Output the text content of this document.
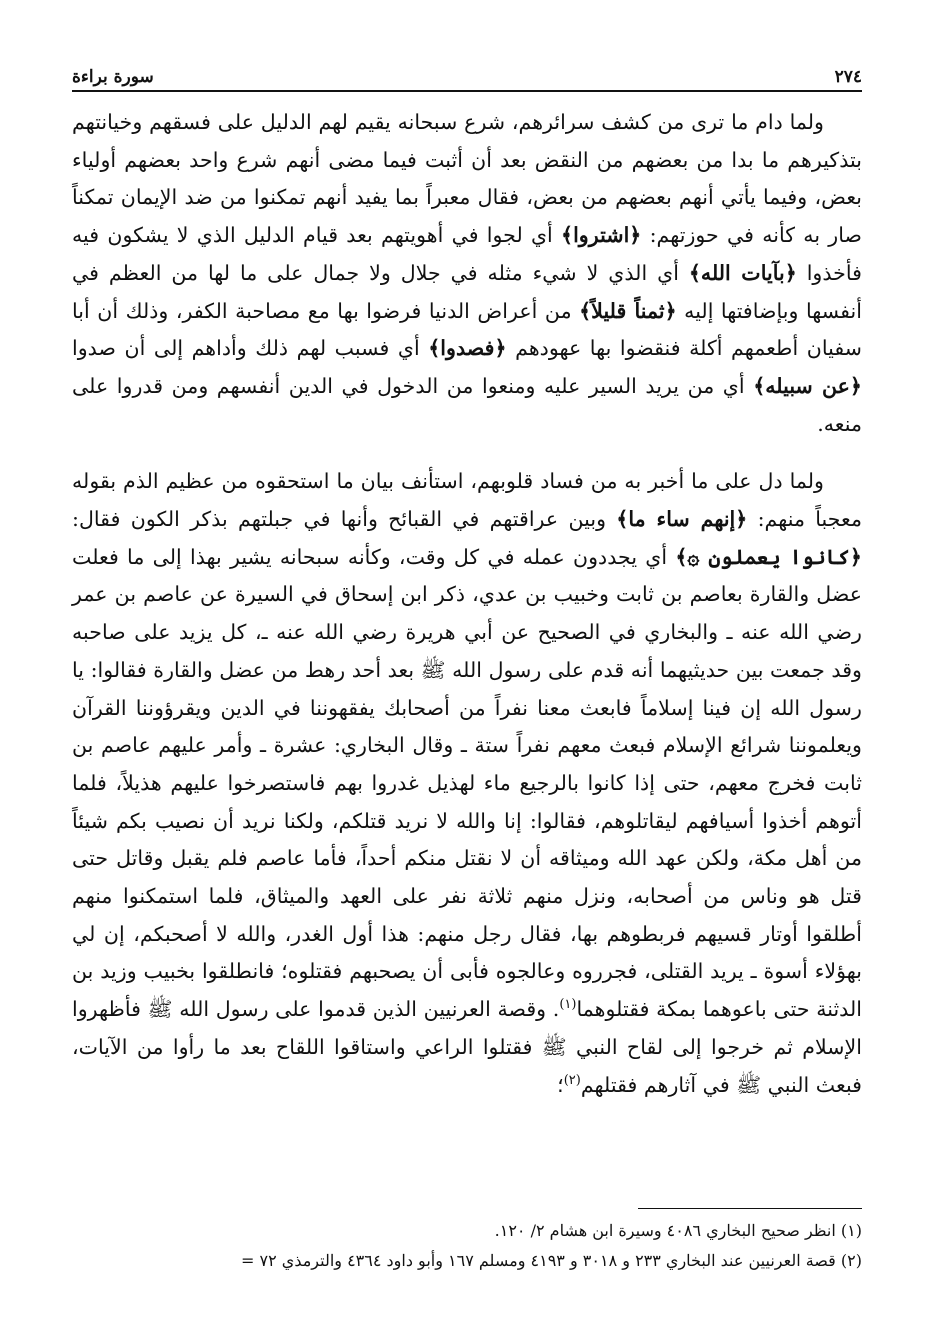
٢٧٤
سورة براءة

ولما دام ما ترى من كشف سرائرهم، شرع سبحانه يقيم لهم الدليل على فسقهم وخيانتهم بتذكيرهم ما بدا من بعضهم من النقض بعد أن أثبت فيما مضى أنهم شرع واحد بعضهم أولياء بعض، وفيما يأتي أنهم بعضهم من بعض، فقال معبراً بما يفيد أنهم تمكنوا من ضد الإيمان تمكناً صار به كأنه في حوزتهم: ﴿اشتروا﴾ أي لجوا في أهويتهم بعد قيام الدليل الذي لا يشكون فيه فأخذوا ﴿بآيات الله﴾ أي الذي لا شيء مثله في جلال ولا جمال على ما لها من العظم في أنفسها وبإضافتها إليه ﴿ثمناً قليلاً﴾ من أعراض الدنيا فرضوا بها مع مصاحبة الكفر، وذلك أن أبا سفيان أطعمهم أكلة فنقضوا بها عهودهم ﴿فصدوا﴾ أي فسبب لهم ذلك وأداهم إلى أن صدوا ﴿عن سبيله﴾ أي من يريد السير عليه ومنعوا من الدخول في الدين أنفسهم ومن قدروا على منعه.

ولما دل على ما أخبر به من فساد قلوبهم، استأنف بيان ما استحقوه من عظيم الذم بقوله معجباً منهم: ﴿إنهم ساء ما﴾ وبين عراقتهم في القبائح وأنها في جبلتهم بذكر الكون فقال: ﴿كانوا يعملون ۞﴾ أي يجددون عمله في كل وقت، وكأنه سبحانه يشير بهذا إلى ما فعلت عضل والقارة بعاصم بن ثابت وخبيب بن عدي، ذكر ابن إسحاق في السيرة عن عاصم بن عمر رضي الله عنه ـ والبخاري في الصحيح عن أبي هريرة رضي الله عنه ـ، كل يزيد على صاحبه وقد جمعت بين حديثيهما أنه قدم على رسول الله ﷺ بعد أحد رهط من عضل والقارة فقالوا: يا رسول الله إن فينا إسلاماً فابعث معنا نفراً من أصحابك يفقهوننا في الدين ويقرؤوننا القرآن ويعلموننا شرائع الإسلام فبعث معهم نفراً ستة ـ وقال البخاري: عشرة ـ وأمر عليهم عاصم بن ثابت فخرج معهم، حتى إذا كانوا بالرجيع ماء لهذيل غدروا بهم فاستصرخوا عليهم هذيلاً، فلما أتوهم أخذوا أسيافهم ليقاتلوهم، فقالوا: إنا والله لا نريد قتلكم، ولكنا نريد أن نصيب بكم شيئاً من أهل مكة، ولكن عهد الله وميثاقه أن لا نقتل منكم أحداً، فأما عاصم فلم يقبل وقاتل حتى قتل هو وناس من أصحابه، ونزل منهم ثلاثة نفر على العهد والميثاق، فلما استمكنوا منهم أطلقوا أوتار قسيهم فربطوهم بها، فقال رجل منهم: هذا أول الغدر، والله لا أصحبكم، إن لي بهؤلاء أسوة ـ يريد القتلى، فجرروه وعالجوه فأبى أن يصحبهم فقتلوه؛ فانطلقوا بخبيب وزيد بن الدثنة حتى باعوهما بمكة فقتلوهما$^{(١)}$. وقصة العرنيين الذين قدموا على رسول الله ﷺ فأظهروا الإسلام ثم خرجوا إلى لقاح النبي ﷺ فقتلوا الراعي واستاقوا اللقاح بعد ما رأوا من الآيات، فبعث النبي ﷺ في آثارهم فقتلهم$^{(٢)}$؛

(١) انظر صحيح البخاري ٤٠٨٦ وسيرة ابن هشام ٢/ ١٢٠.
(٢) قصة العرنيين عند البخاري ٢٣٣ و ٣٠١٨ و ٤١٩٣ ومسلم ١٦٧ وأبو داود ٤٣٦٤ والترمذي ٧٢ =
